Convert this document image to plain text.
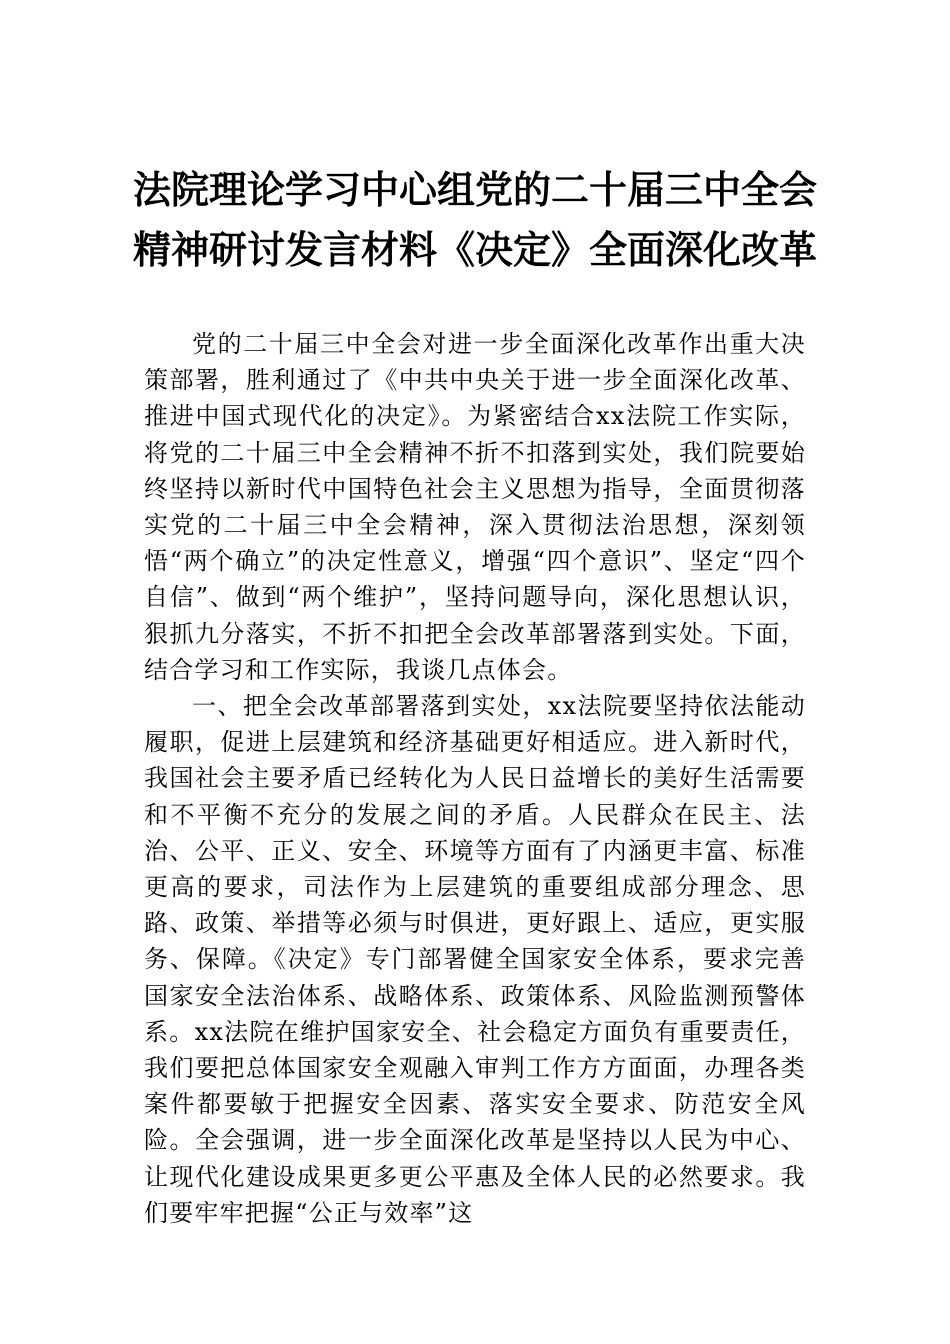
法院理论学习中心组党的二十届三中全会
精神研讨发言材料《决定》全面深化改革

党的二十届三中全会对进一步全面深化改革作出重大决策部署，胜利通过了《中共中央关于进一步全面深化改革、推进中国式现代化的决定》。为紧密结合xx法院工作实际，将党的二十届三中全会精神不折不扣落到实处，我们院要始终坚持以新时代中国特色社会主义思想为指导，全面贯彻落实党的二十届三中全会精神，深入贯彻法治思想，深刻领悟“两个确立”的决定性意义，增强“四个意识”、坚定“四个自信”、做到“两个维护”，坚持问题导向，深化思想认识，狠抓九分落实，不折不扣把全会改革部署落到实处。下面，结合学习和工作实际，我谈几点体会。

一、把全会改革部署落到实处，xx法院要坚持依法能动履职，促进上层建筑和经济基础更好相适应。进入新时代，我国社会主要矛盾已经转化为人民日益增长的美好生活需要和不平衡不充分的发展之间的矛盾。人民群众在民主、法治、公平、正义、安全、环境等方面有了内涵更丰富、标准更高的要求，司法作为上层建筑的重要组成部分理念、思路、政策、举措等必须与时俱进，更好跟上、适应，更实服务、保障。《决定》专门部署健全国家安全体系，要求完善国家安全法治体系、战略体系、政策体系、风险监测预警体系。xx法院在维护国家安全、社会稳定方面负有重要责任，我们要把总体国家安全观融入审判工作方方面面，办理各类案件都要敏于把握安全因素、落实安全要求、防范安全风险。全会强调，进一步全面深化改革是坚持以人民为中心、让现代化建设成果更多更公平惠及全体人民的必然要求。我们要牢牢把握“公正与效率”这
